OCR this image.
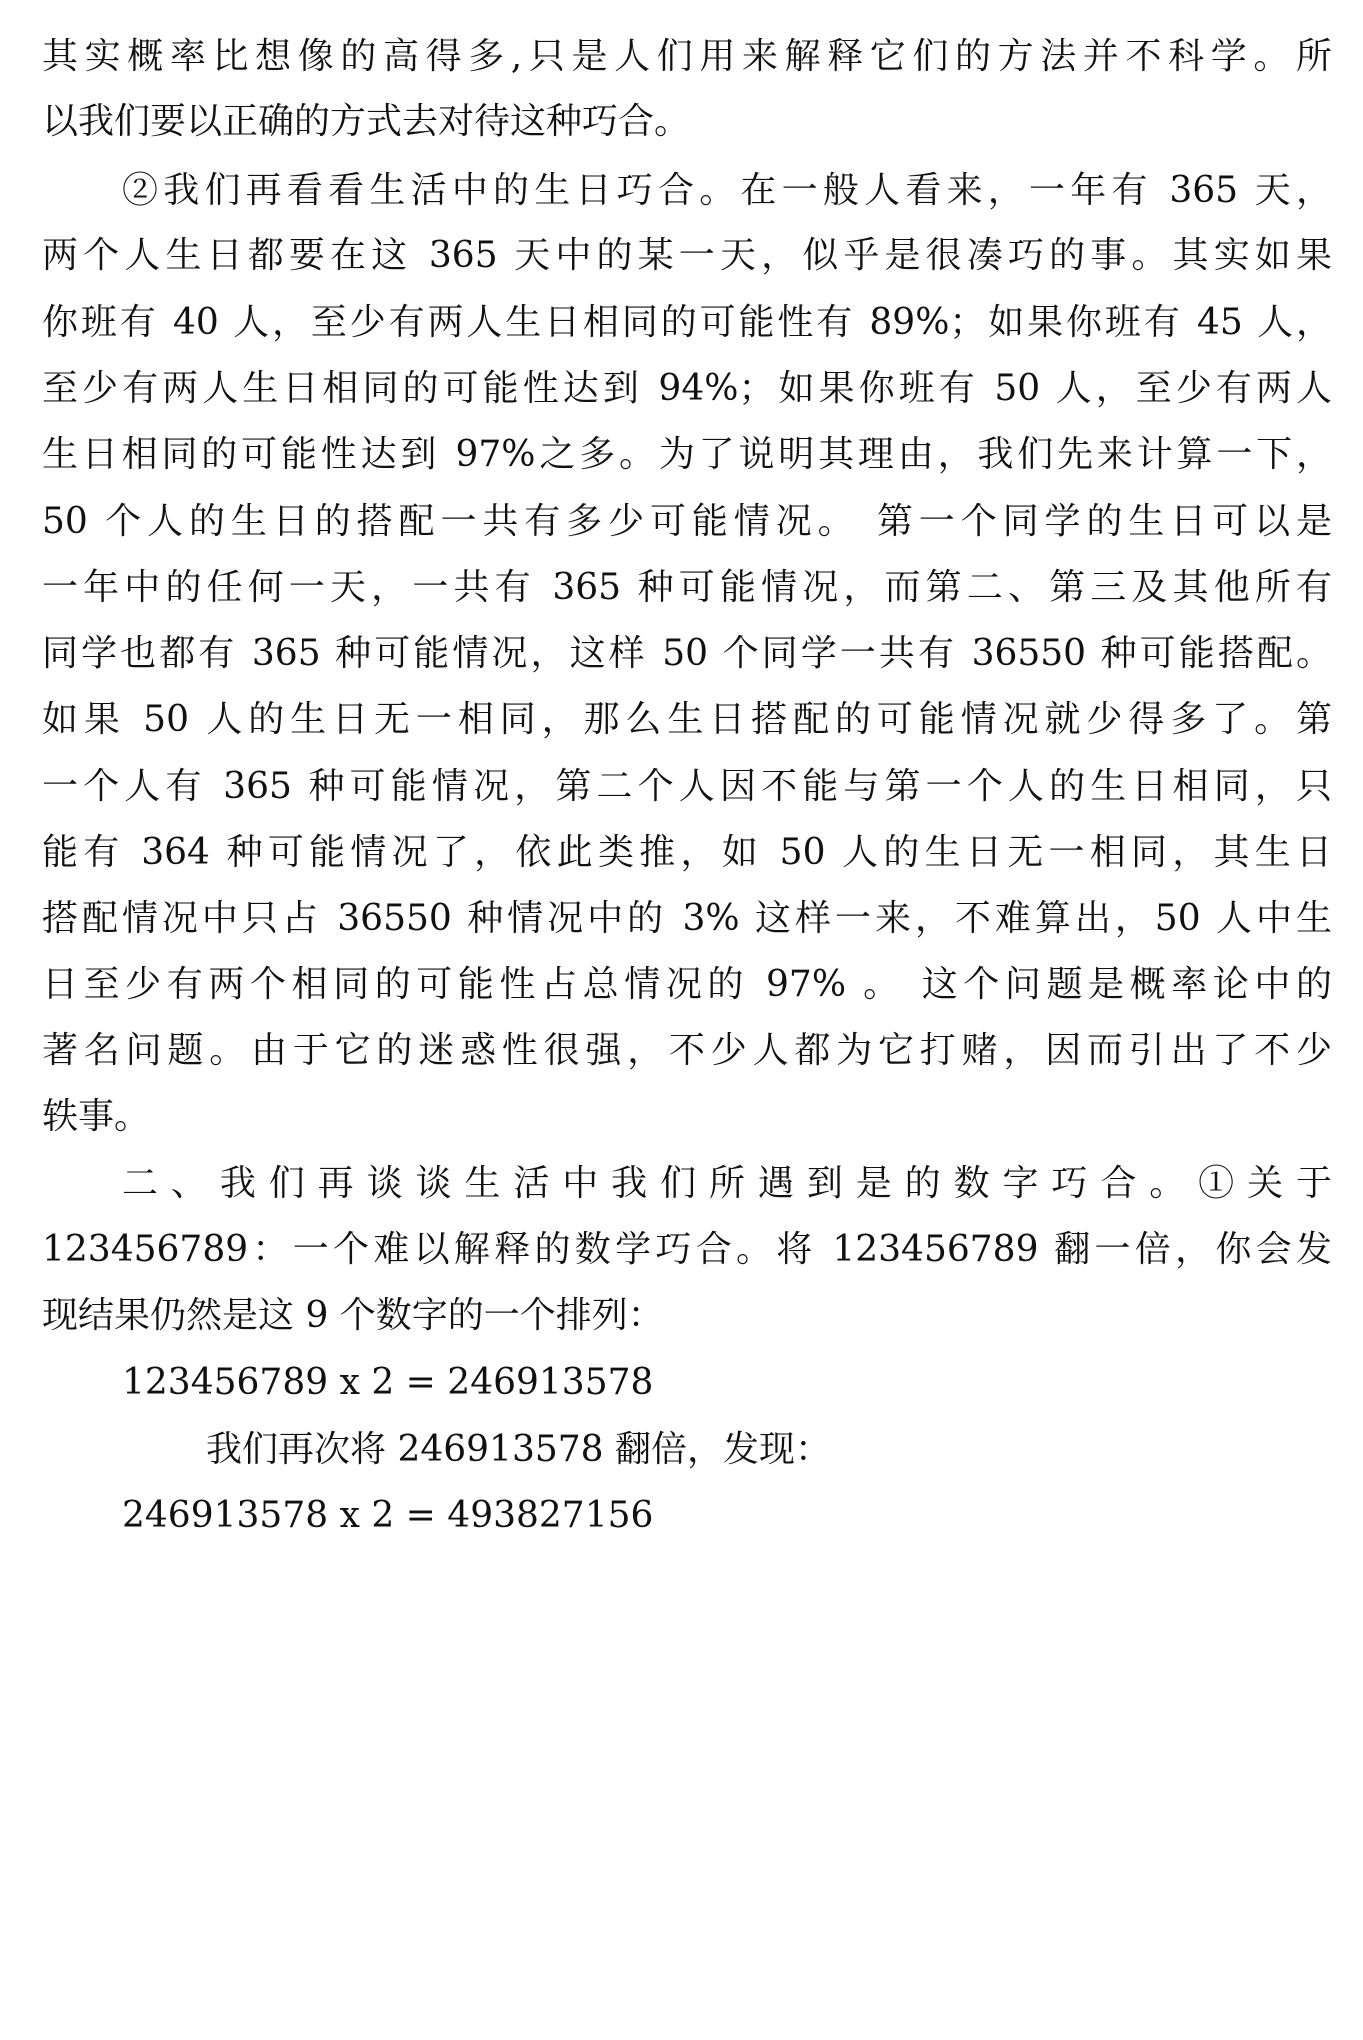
其实概率比想像的高得多,只是人们用来解释它们的方法并不科学。所
以我们要以正确的方式去对待这种巧合。
②我们再看看生活中的生日巧合。在一般人看来，一年有 365 天，
两个人生日都要在这 365 天中的某一天，似乎是很凑巧的事。其实如果
你班有 40 人，至少有两人生日相同的可能性有 89%；如果你班有 45 人，
至少有两人生日相同的可能性达到 94%；如果你班有 50 人，至少有两人
生日相同的可能性达到 97%之多。为了说明其理由，我们先来计算一下，
50 个人的生日的搭配一共有多少可能情况。 第一个同学的生日可以是
一年中的任何一天，一共有 365 种可能情况，而第二、第三及其他所有
同学也都有 365 种可能情况，这样 50 个同学一共有 36550 种可能搭配。
如果 50 人的生日无一相同，那么生日搭配的可能情况就少得多了。第
一个人有 365 种可能情况，第二个人因不能与第一个人的生日相同，只
能有 364 种可能情况了，依此类推，如 50 人的生日无一相同，其生日
搭配情况中只占 36550 种情况中的 3% 这样一来，不难算出，50 人中生
日至少有两个相同的可能性占总情况的 97% 。 这个问题是概率论中的
著名问题。由于它的迷惑性很强，不少人都为它打赌，因而引出了不少
轶事。
二、我们再谈谈生活中我们所遇到是的数字巧合。①关于
123456789：一个难以解释的数学巧合。将 123456789 翻一倍，你会发
现结果仍然是这 9 个数字的一个排列：
123456789 x 2 = 246913578
我们再次将 246913578 翻倍，发现：
246913578 x 2 = 493827156
